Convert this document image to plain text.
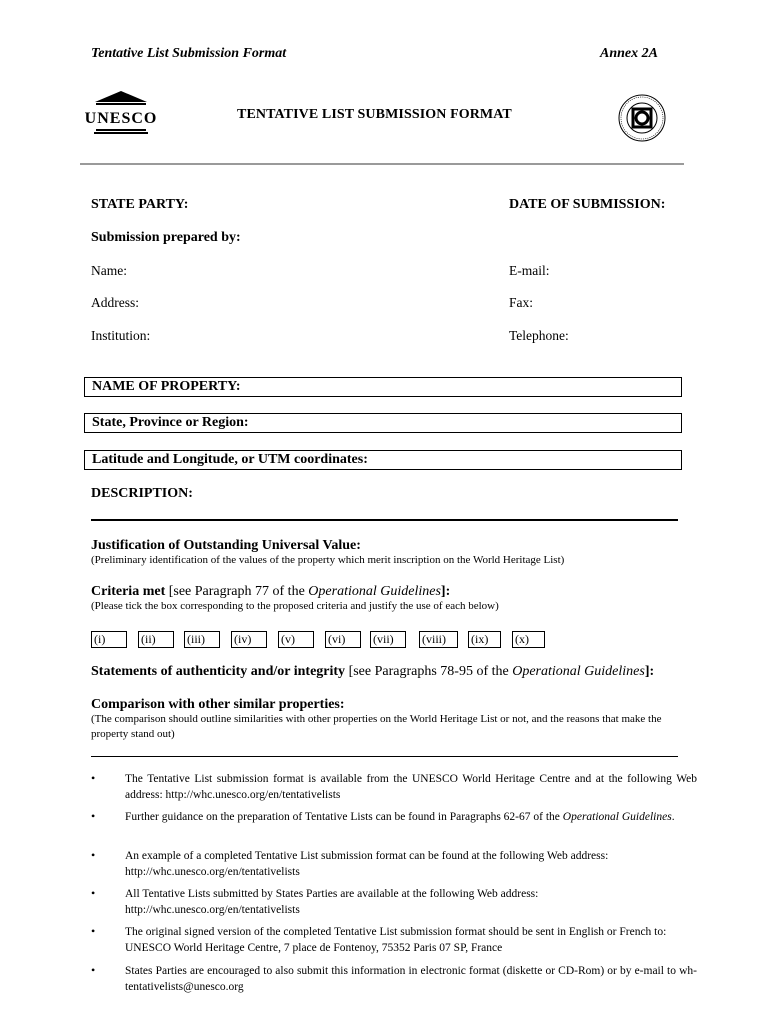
Tentative List Submission Format	Annex 2A
UNESCO	TENTATIVE LIST SUBMISSION FORMAT
STATE PARTY:	DATE OF SUBMISSION:
Submission prepared by:
Name:	E-mail:
Address:	Fax:
Institution:	Telephone:
NAME OF PROPERTY:
State, Province or Region:
Latitude and Longitude, or UTM coordinates:
DESCRIPTION:
Justification of Outstanding Universal Value:
(Preliminary identification of the values of the property which merit inscription on the World Heritage List)
Criteria met [see Paragraph 77 of the Operational Guidelines]:
(Please tick the box corresponding to the proposed criteria and justify the use of each below)
(i)	(ii)	(iii)	(iv)	(v)	(vi)	(vii)	(viii)	(ix)	(x)
Statements of authenticity and/or integrity [see Paragraphs 78-95 of the Operational Guidelines]:
Comparison with other similar properties:
(The comparison should outline similarities with other properties on the World Heritage List or not, and the reasons that make the property stand out)
•	The Tentative List submission format is available from the UNESCO World Heritage Centre and at the following Web address: http://whc.unesco.org/en/tentativelists
•	Further guidance on the preparation of Tentative Lists can be found in Paragraphs 62-67 of the Operational Guidelines.
•	An example of a completed Tentative List submission format can be found at the following Web address: http://whc.unesco.org/en/tentativelists
•	All Tentative Lists submitted by States Parties are available at the following Web address: http://whc.unesco.org/en/tentativelists
•	The original signed version of the completed Tentative List submission format should be sent in English or French to: UNESCO World Heritage Centre, 7 place de Fontenoy, 75352 Paris 07 SP, France
•	States Parties are encouraged to also submit this information in electronic format (diskette or CD-Rom) or by e-mail to wh-tentativelists@unesco.org
